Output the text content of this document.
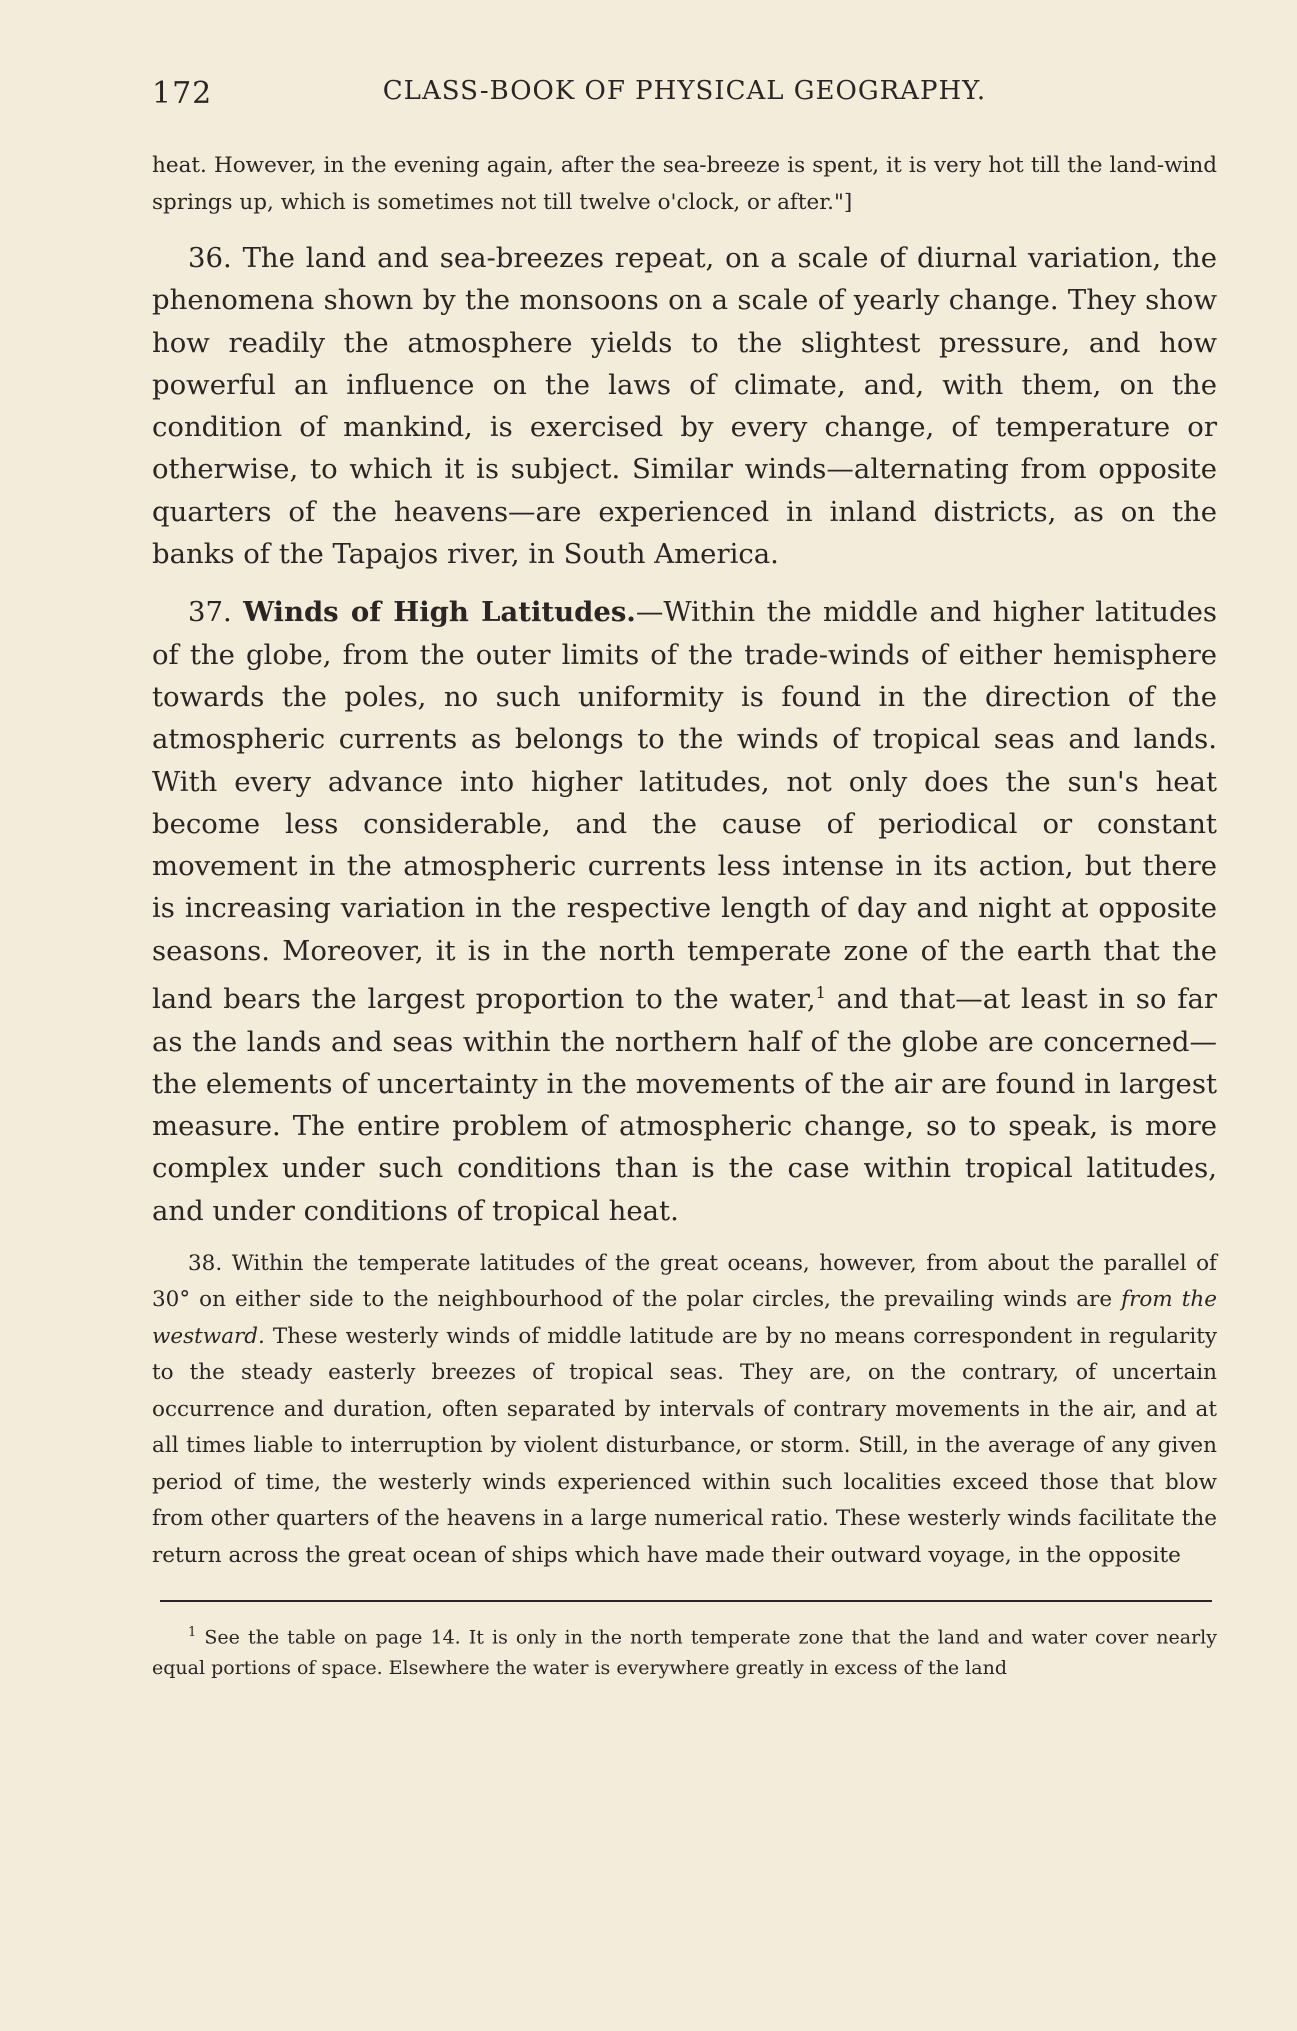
172	CLASS-BOOK OF PHYSICAL GEOGRAPHY.

heat. However, in the evening again, after the sea-breeze is spent, it is very hot till the land-wind springs up, which is sometimes not till twelve o'clock, or after."]

36. The land and sea-breezes repeat, on a scale of diurnal variation, the phenomena shown by the monsoons on a scale of yearly change. They show how readily the atmosphere yields to the slightest pressure, and how powerful an influence on the laws of climate, and, with them, on the condition of mankind, is exercised by every change, of temperature or otherwise, to which it is subject. Similar winds—alternating from opposite quarters of the heavens—are experienced in inland districts, as on the banks of the Tapajos river, in South America.

37. Winds of High Latitudes.—Within the middle and higher latitudes of the globe, from the outer limits of the trade-winds of either hemisphere towards the poles, no such uniformity is found in the direction of the atmospheric currents as belongs to the winds of tropical seas and lands. With every advance into higher latitudes, not only does the sun's heat become less considerable, and the cause of periodical or constant movement in the atmospheric currents less intense in its action, but there is increasing variation in the respective length of day and night at opposite seasons. Moreover, it is in the north temperate zone of the earth that the land bears the largest proportion to the water,$^1$ and that—at least in so far as the lands and seas within the northern half of the globe are concerned—the elements of uncertainty in the movements of the air are found in largest measure. The entire problem of atmospheric change, so to speak, is more complex under such conditions than is the case within tropical latitudes, and under conditions of tropical heat.

38. Within the temperate latitudes of the great oceans, however, from about the parallel of 30° on either side to the neighbourhood of the polar circles, the prevailing winds are from the westward. These westerly winds of middle latitude are by no means correspondent in regularity to the steady easterly breezes of tropical seas. They are, on the contrary, of uncertain occurrence and duration, often separated by intervals of contrary movements in the air, and at all times liable to interruption by violent disturbance, or storm. Still, in the average of any given period of time, the westerly winds experienced within such localities exceed those that blow from other quarters of the heavens in a large numerical ratio. These westerly winds facilitate the return across the great ocean of ships which have made their outward voyage, in the opposite

$^1$ See the table on page 14. It is only in the north temperate zone that the land and water cover nearly equal portions of space. Elsewhere the water is everywhere greatly in excess of the land
